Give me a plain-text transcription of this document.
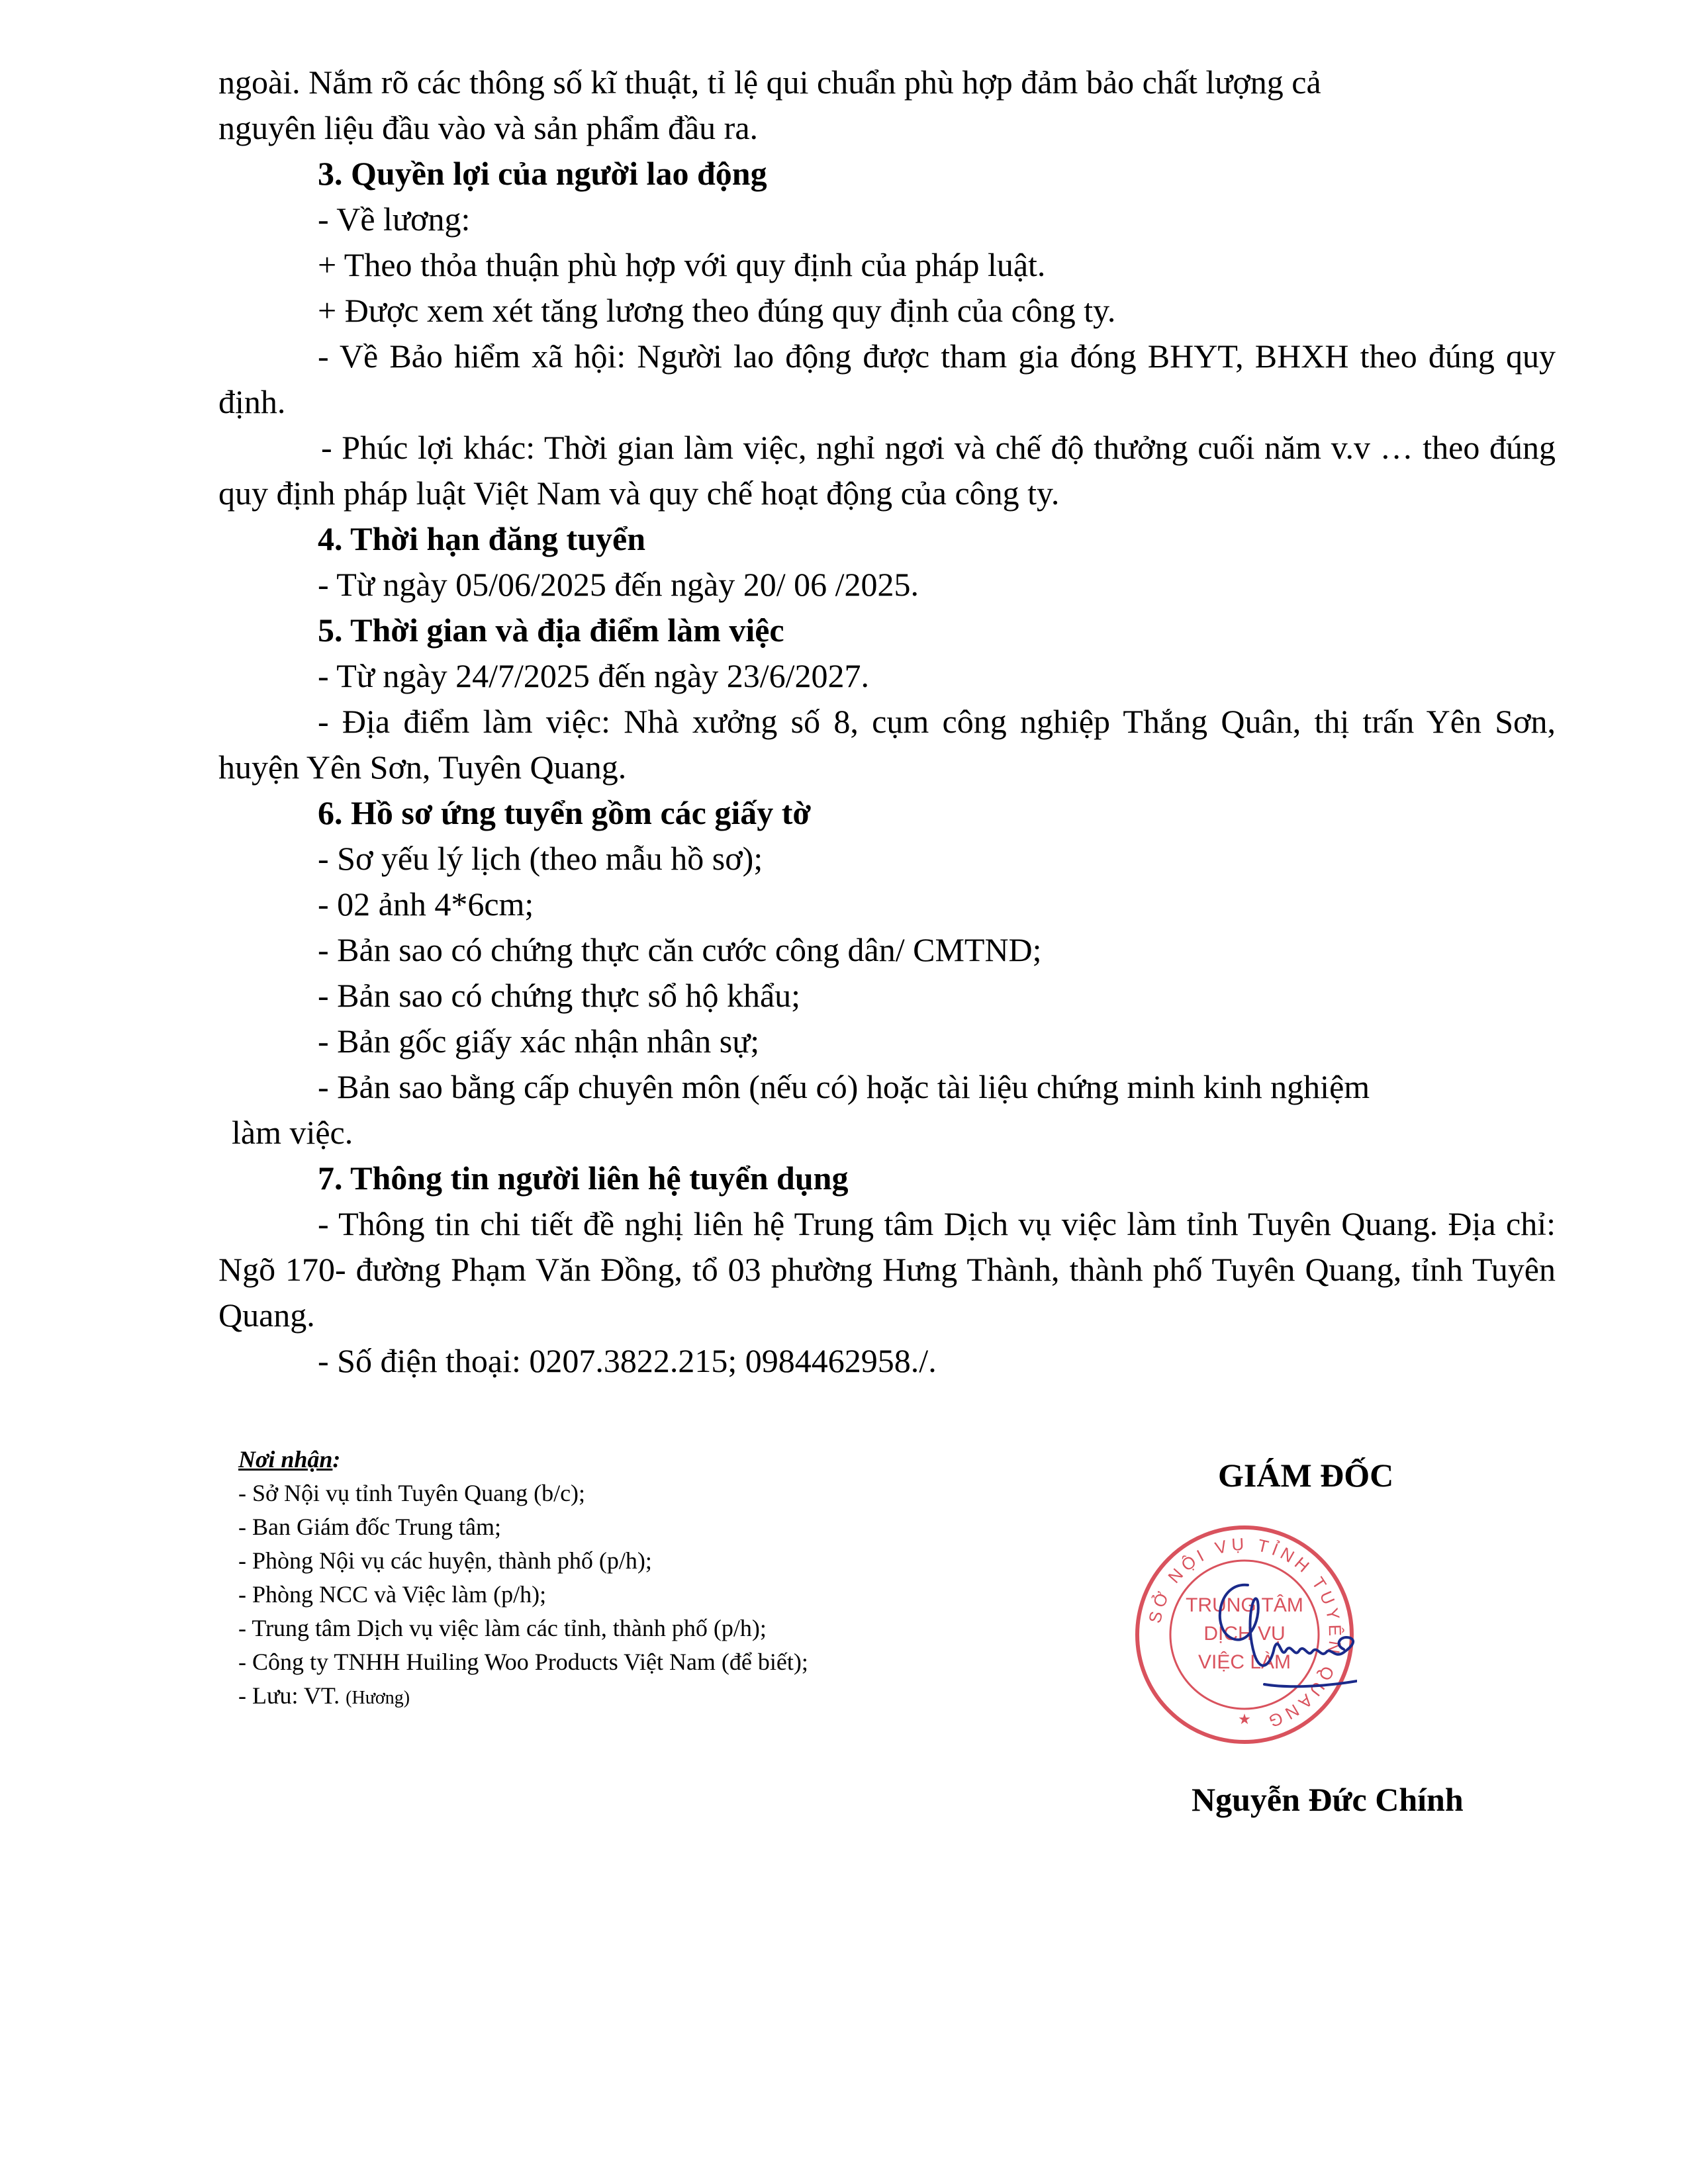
ngoài. Nắm rõ các thông số kĩ thuật, tỉ lệ qui chuẩn phù hợp đảm bảo chất lượng cả

nguyên liệu đầu vào và sản phẩm đầu ra.

3. Quyền lợi của người lao động

- Về lương:

+ Theo thỏa thuận phù hợp với quy định của pháp luật.

+ Được xem xét tăng lương theo đúng quy định của công ty.

- Về Bảo hiểm xã hội: Người lao động được tham gia đóng BHYT, BHXH theo đúng quy định.

- Phúc lợi khác: Thời gian làm việc, nghỉ ngơi và chế độ thưởng cuối năm v.v … theo đúng quy định pháp luật Việt Nam và quy chế hoạt động của công ty.

4. Thời hạn đăng tuyển

- Từ ngày 05/06/2025 đến ngày 20/ 06 /2025.

5. Thời gian và địa điểm làm việc

- Từ ngày 24/7/2025 đến ngày 23/6/2027.

- Địa điểm làm việc: Nhà xưởng số 8, cụm công nghiệp Thắng Quân, thị trấn Yên Sơn, huyện Yên Sơn, Tuyên Quang.

6. Hồ sơ ứng tuyển gồm các giấy tờ

- Sơ yếu lý lịch (theo mẫu hồ sơ);

- 02 ảnh 4*6cm;

- Bản sao có chứng thực căn cước công dân/ CMTND;

- Bản sao có chứng thực sổ hộ khẩu;

- Bản gốc giấy xác nhận nhân sự;

- Bản sao bằng cấp chuyên môn (nếu có) hoặc tài liệu chứng minh kinh nghiệm

làm việc.

7. Thông tin người liên hệ tuyển dụng

- Thông tin chi tiết đề nghị liên hệ Trung tâm Dịch vụ việc làm tỉnh Tuyên Quang. Địa chỉ: Ngõ 170- đường Phạm Văn Đồng, tổ 03 phường Hưng Thành, thành phố Tuyên Quang, tỉnh Tuyên Quang.

- Số điện thoại: 0207.3822.215; 0984462958./.

Nơi nhận:

- Sở Nội vụ tỉnh Tuyên Quang (b/c);

- Ban Giám đốc Trung tâm;

- Phòng Nội vụ các huyện, thành phố (p/h);

- Phòng NCC và Việc làm (p/h);

- Trung tâm Dịch vụ việc làm các tỉnh, thành phố (p/h);

- Công ty TNHH Huiling Woo Products Việt Nam (để biết);

- Lưu: VT. (Hương)

GIÁM ĐỐC
SỞ NỘI VỤ TỈNH TUYÊN QUANG
TRUNG TÂM
DỊCH VỤ
VIỆC LÀM
★
Nguyễn Đức Chính
